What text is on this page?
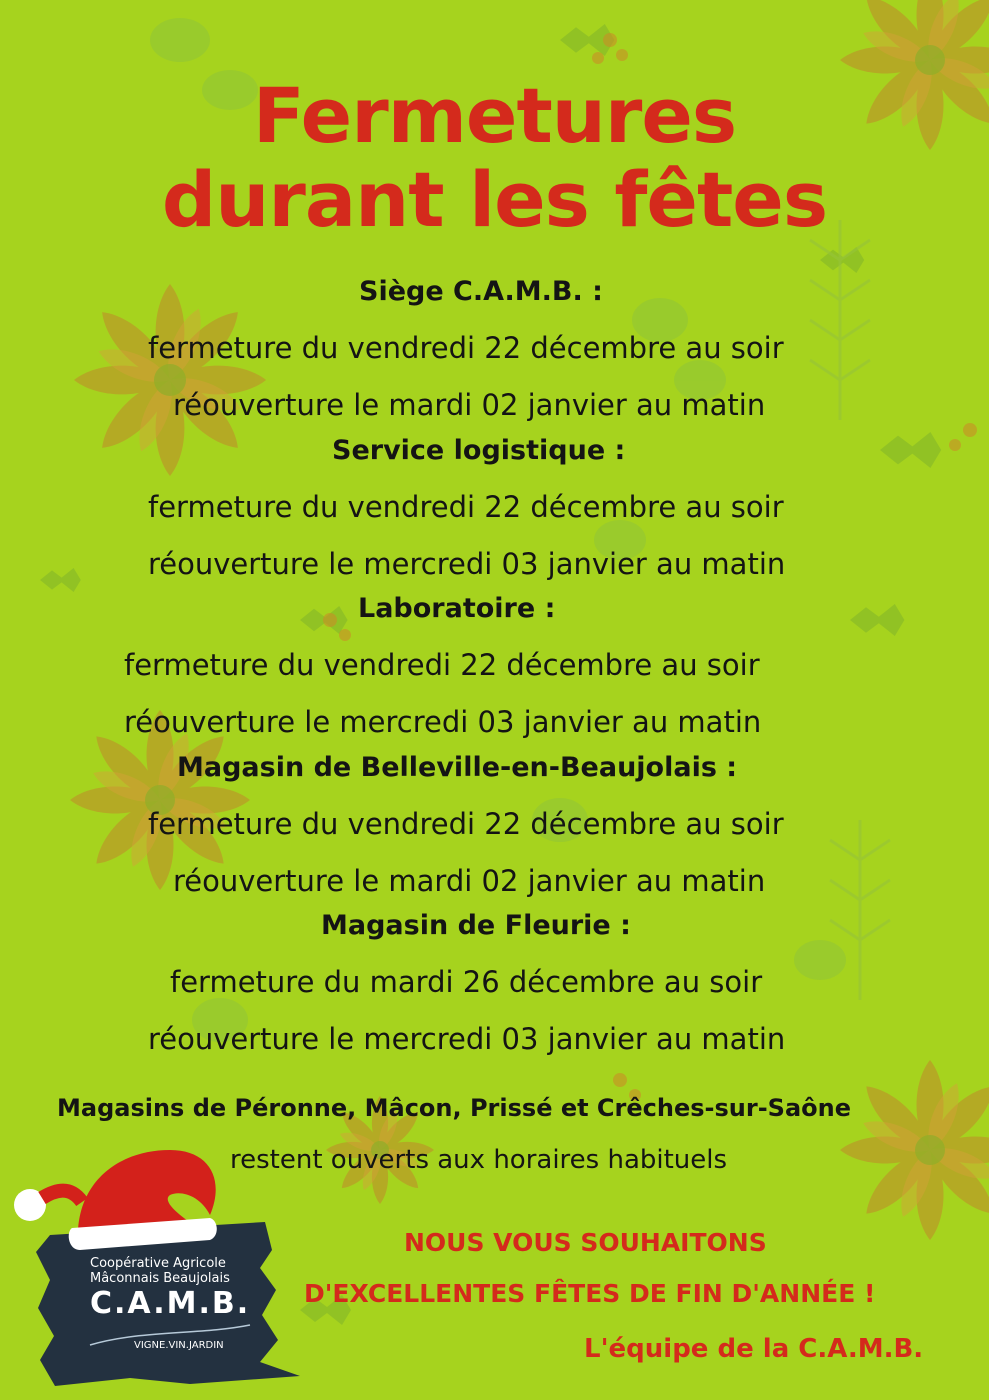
Fermetures
durant les fêtes
Siège C.A.M.B. :
fermeture du vendredi 22 décembre au soir
réouverture le mardi 02 janvier au matin
Service logistique :
fermeture du vendredi 22 décembre au soir
réouverture le mercredi 03 janvier au matin
Laboratoire :
fermeture du vendredi 22 décembre au soir
réouverture le mercredi 03 janvier au matin
Magasin de Belleville-en-Beaujolais :
fermeture du vendredi 22 décembre au soir
réouverture le mardi 02 janvier au matin
Magasin de Fleurie :
fermeture du mardi 26 décembre au soir
réouverture le mercredi 03 janvier au matin
Magasins de Péronne, Mâcon, Prissé et Crêches-sur-Saône
restent ouverts aux horaires habituels
NOUS VOUS SOUHAITONS
D'EXCELLENTES FÊTES DE FIN D'ANNÉE !
L'équipe de la C.A.M.B.
Coopérative Agricole
Mâconnais Beaujolais
C.A.M.B.
VIGNE.VIN.JARDIN
